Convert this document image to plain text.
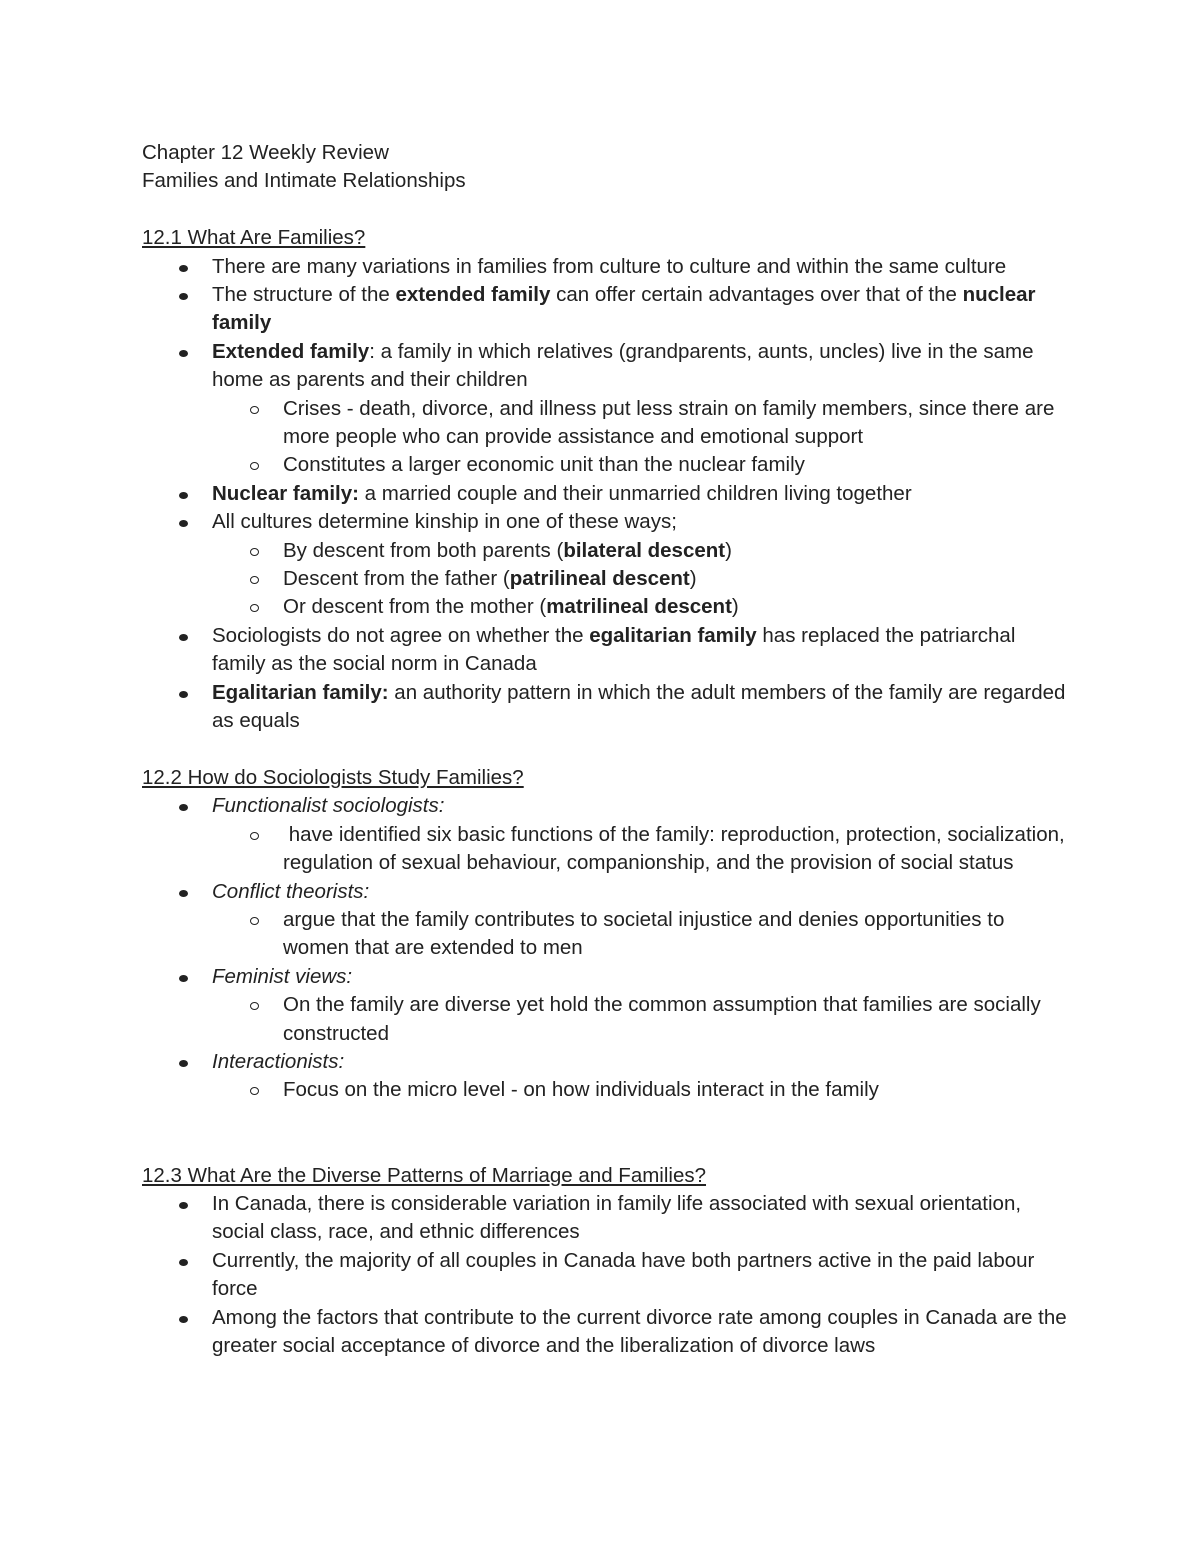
Chapter 12 Weekly Review
Families and Intimate Relationships
12.1 What Are Families?
There are many variations in families from culture to culture and within the same culture
The structure of the extended family can offer certain advantages over that of the nuclear family
Extended family: a family in which relatives (grandparents, aunts, uncles) live in the same home as parents and their children
Crises - death, divorce, and illness put less strain on family members, since there are more people who can provide assistance and emotional support
Constitutes a larger economic unit than the nuclear family
Nuclear family: a married couple and their unmarried children living together
All cultures determine kinship in one of these ways;
By descent from both parents (bilateral descent)
Descent from the father (patrilineal descent)
Or descent from the mother (matrilineal descent)
Sociologists do not agree on whether the egalitarian family has replaced the patriarchal family as the social norm in Canada
Egalitarian family: an authority pattern in which the adult members of the family are regarded as equals
12.2 How do Sociologists Study Families?
Functionalist sociologists:
have identified six basic functions of the family: reproduction, protection, socialization, regulation of sexual behaviour, companionship, and the provision of social status
Conflict theorists:
argue that the family contributes to societal injustice and denies opportunities to women that are extended to men
Feminist views:
On the family are diverse yet hold the common assumption that families are socially constructed
Interactionists:
Focus on the micro level - on how individuals interact in the family
12.3 What Are the Diverse Patterns of Marriage and Families?
In Canada, there is considerable variation in family life associated with sexual orientation, social class, race, and ethnic differences
Currently, the majority of all couples in Canada have both partners active in the paid labour force
Among the factors that contribute to the current divorce rate among couples in Canada are the greater social acceptance of divorce and the liberalization of divorce laws
